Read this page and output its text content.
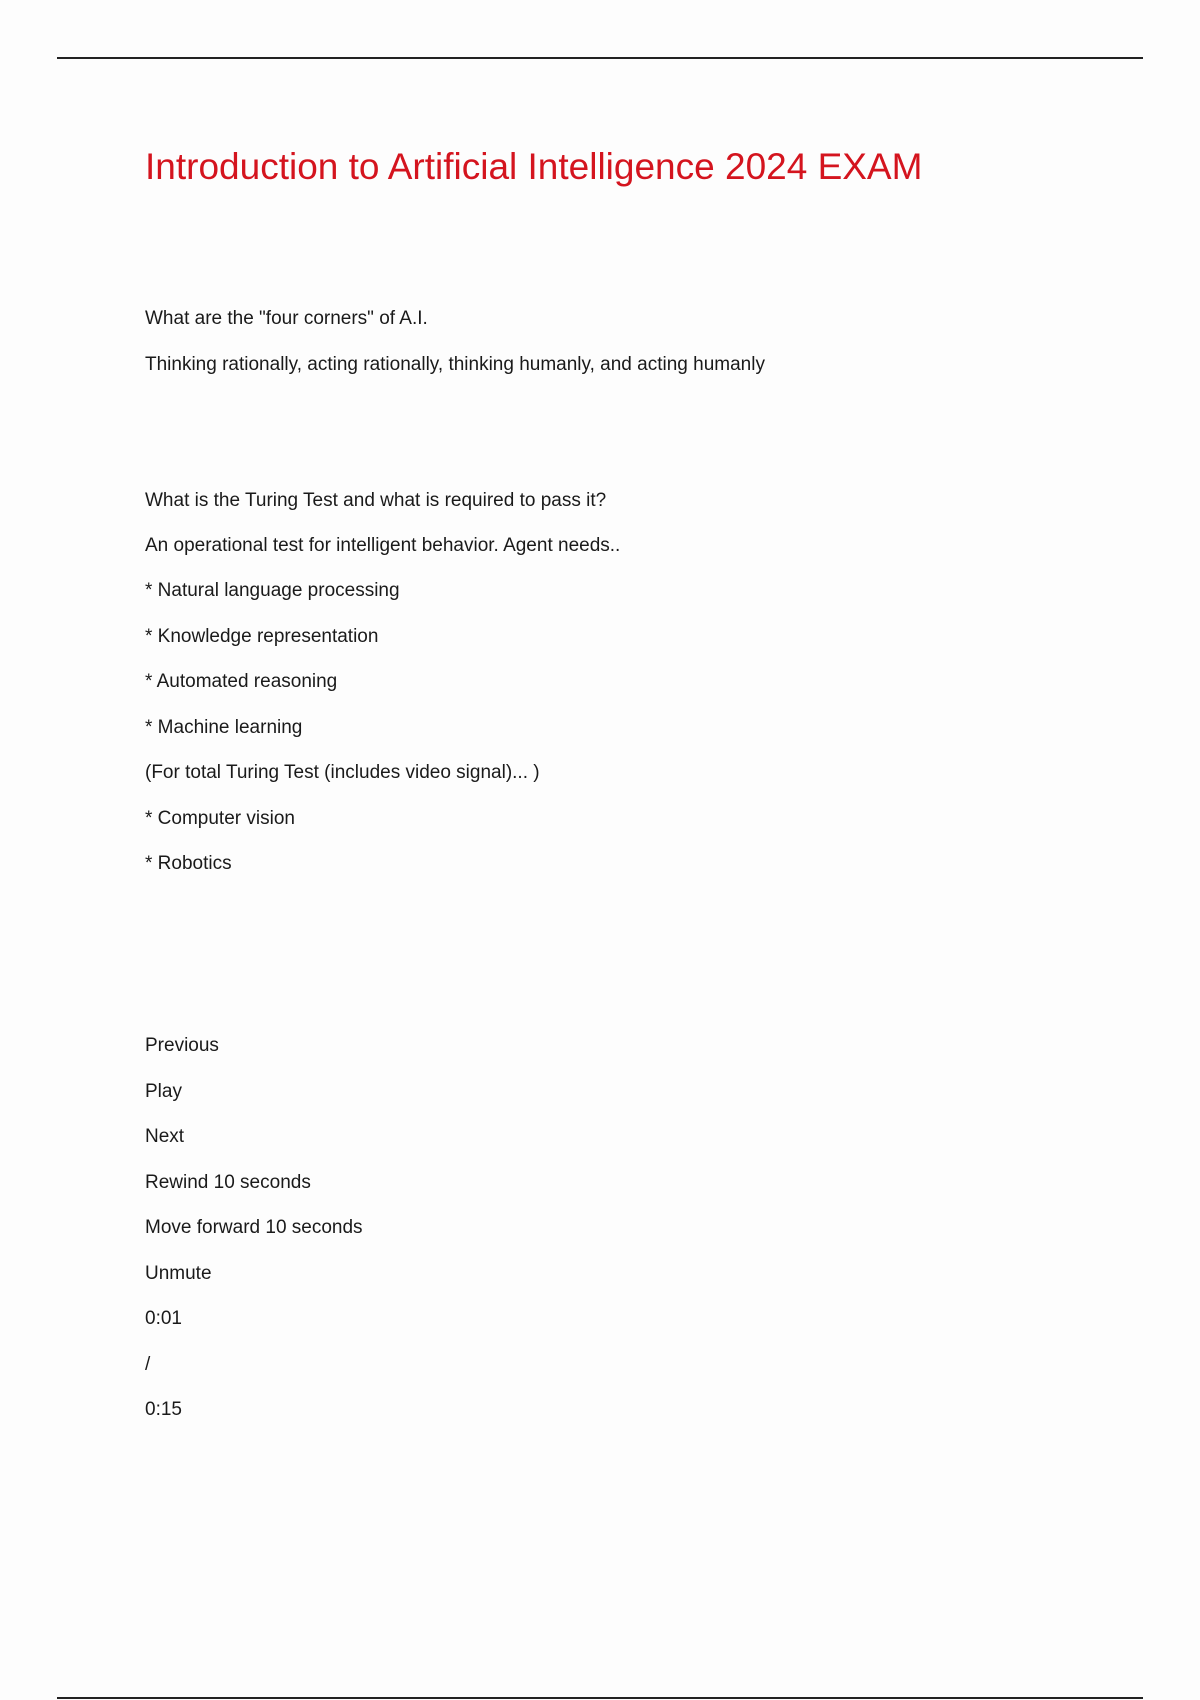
Introduction to Artificial Intelligence 2024 EXAM

What are the "four corners" of A.I.

Thinking rationally, acting rationally, thinking humanly, and acting humanly

What is the Turing Test and what is required to pass it?

An operational test for intelligent behavior. Agent needs..

* Natural language processing

* Knowledge representation

* Automated reasoning

* Machine learning

(For total Turing Test (includes video signal)... )

* Computer vision

* Robotics

Previous

Play

Next

Rewind 10 seconds

Move forward 10 seconds

Unmute

0:01

/

0:15
